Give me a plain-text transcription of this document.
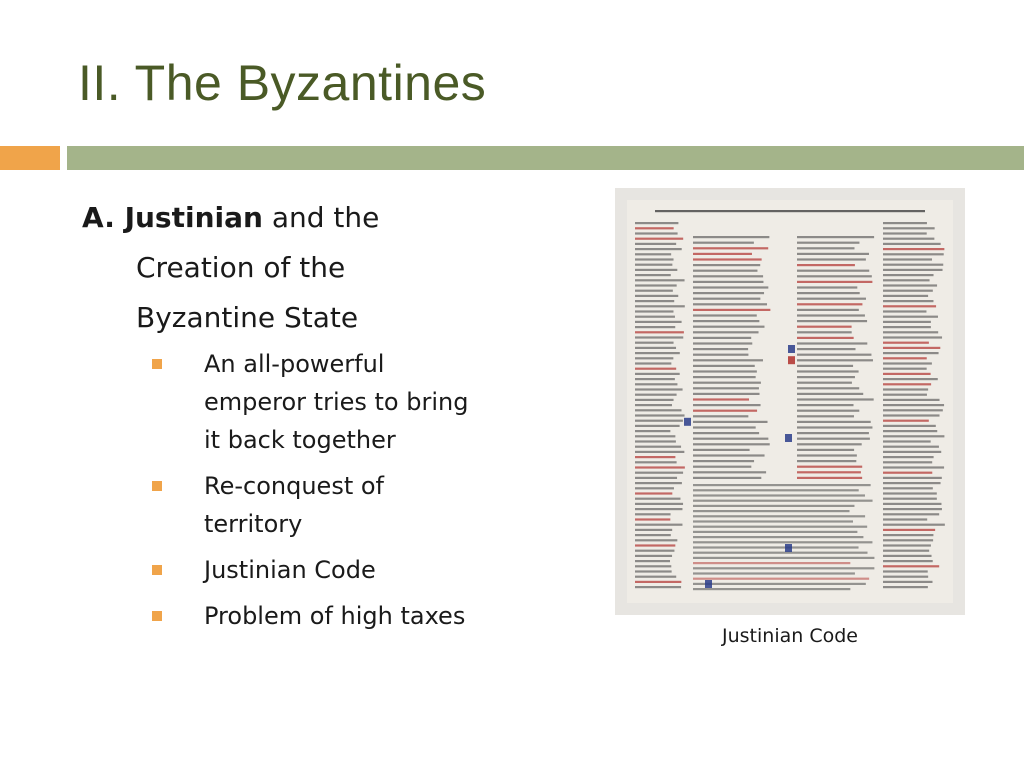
II. The Byzantines
A. Justinian and the
Creation of the
Byzantine State
An all-powerful
emperor tries to bring
it back together
Re-conquest of
territory
Justinian Code
Problem of high taxes
Justinian Code
